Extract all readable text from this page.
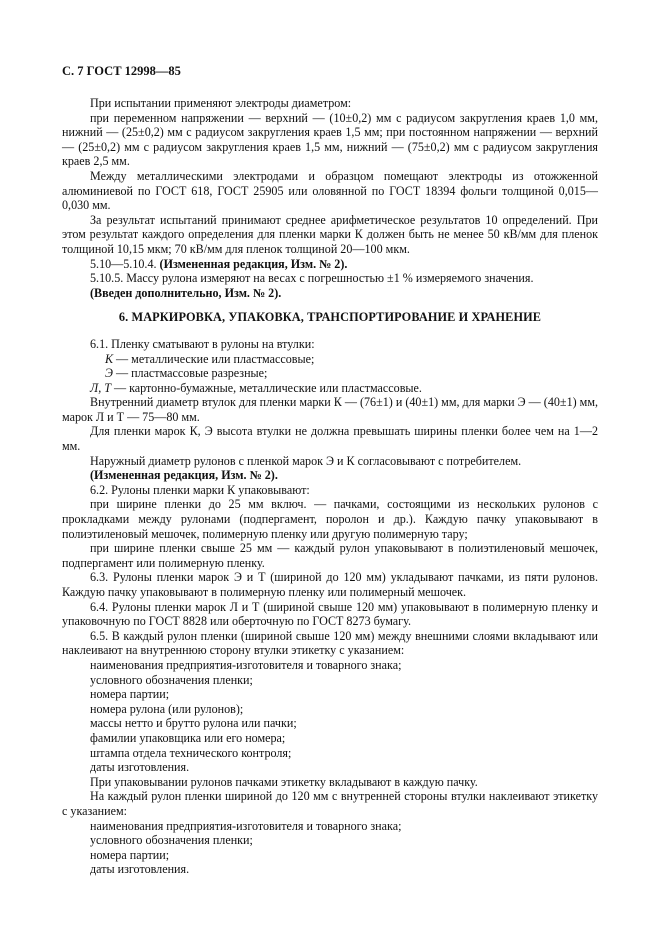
С. 7 ГОСТ 12998—85

При испытании применяют электроды диаметром:

при переменном напряжении — верхний — (10±0,2) мм с радиусом закругления краев 1,0 мм, нижний — (25±0,2) мм с радиусом закругления краев 1,5 мм; при постоянном напряжении — верхний — (25±0,2) мм с радиусом закругления краев 1,5 мм, нижний — (75±0,2) мм с радиусом закругления краев 2,5 мм.

Между металлическими электродами и образцом помещают электроды из отожженной алюминиевой по ГОСТ 618, ГОСТ 25905 или оловянной по ГОСТ 18394 фольги толщиной 0,015—0,030 мм.

За результат испытаний принимают среднее арифметическое результатов 10 определений. При этом результат каждого определения для пленки марки К должен быть не менее 50 кВ/мм для пленок толщиной 10,15 мкм; 70 кВ/мм для пленок толщиной 20—100 мкм.

5.10—5.10.4. (Измененная редакция, Изм. № 2).

5.10.5. Массу рулона измеряют на весах с погрешностью ±1 % измеряемого значения.

(Введен дополнительно, Изм. № 2).

6. МАРКИРОВКА, УПАКОВКА, ТРАНСПОРТИРОВАНИЕ И ХРАНЕНИЕ

6.1. Пленку сматывают в рулоны на втулки:

К — металлические или пластмассовые;

Э — пластмассовые разрезные;

Л, Т — картонно-бумажные, металлические или пластмассовые.

Внутренний диаметр втулок для пленки марки К — (76±1) и (40±1) мм, для марки Э — (40±1) мм, марок Л и Т — 75—80 мм.

Для пленки марок К, Э высота втулки не должна превышать ширины пленки более чем на 1—2 мм.

Наружный диаметр рулонов с пленкой марок Э и К согласовывают с потребителем.

(Измененная редакция, Изм. № 2).

6.2. Рулоны пленки марки К упаковывают:

при ширине пленки до 25 мм включ. — пачками, состоящими из нескольких рулонов с прокладками между рулонами (подпергамент, поролон и др.). Каждую пачку упаковывают в полиэтиленовый мешочек, полимерную пленку или другую полимерную тару;

при ширине пленки свыше 25 мм — каждый рулон упаковывают в полиэтиленовый мешочек, подпергамент или полимерную пленку.

6.3. Рулоны пленки марок Э и Т (шириной до 120 мм) укладывают пачками, из пяти рулонов. Каждую пачку упаковывают в полимерную пленку или полимерный мешочек.

6.4. Рулоны пленки марок Л и Т (шириной свыше 120 мм) упаковывают в полимерную пленку и упаковочную по ГОСТ 8828 или оберточную по ГОСТ 8273 бумагу.

6.5. В каждый рулон пленки (шириной свыше 120 мм) между внешними слоями вкладывают или наклеивают на внутреннюю сторону втулки этикетку с указанием:

наименования предприятия-изготовителя и товарного знака;

условного обозначения пленки;

номера партии;

номера рулона (или рулонов);

массы нетто и брутто рулона или пачки;

фамилии упаковщика или его номера;

штампа отдела технического контроля;

даты изготовления.

При упаковывании рулонов пачками этикетку вкладывают в каждую пачку.

На каждый рулон пленки шириной до 120 мм с внутренней стороны втулки наклеивают этикетку с указанием:

наименования предприятия-изготовителя и товарного знака;

условного обозначения пленки;

номера партии;

даты изготовления.
